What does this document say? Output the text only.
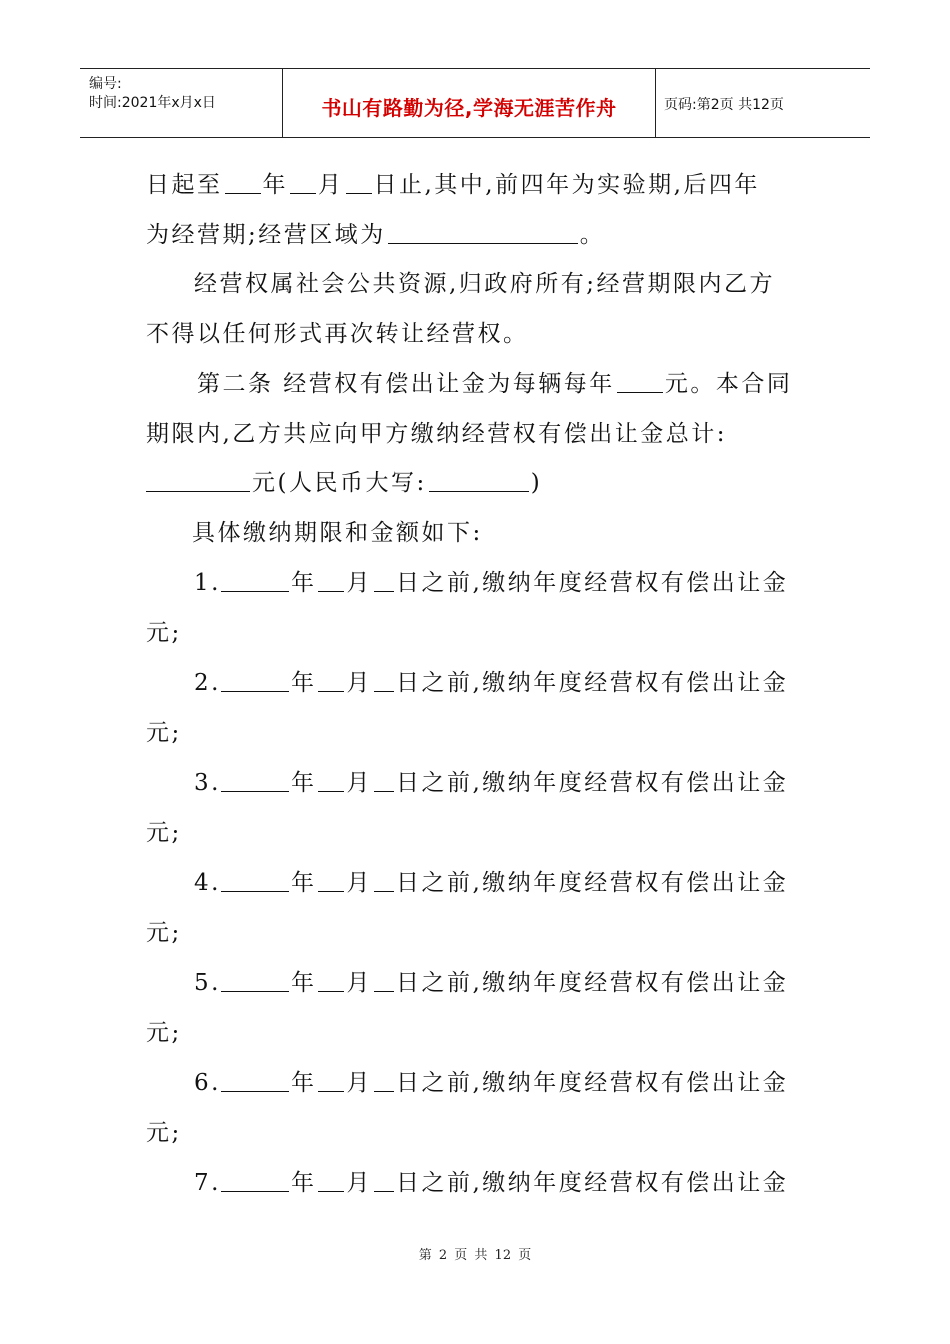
编号:
时间:2021年x月x日	书山有路勤为径,学海无涯苦作舟	页码:第2页 共12页
日起至 年 月 日止,其中,前四年为实验期,后四年
为经营期;经营区域为	。
经营权属社会公共资源,归政府所有;经营期限内乙方
不得以任何形式再次转让经营权。
第二条 经营权有偿出让金为每辆每年 元。本合同
期限内,乙方共应向甲方缴纳经营权有偿出让金总计:
元(人民币大写:	)
具体缴纳期限和金额如下:
1.	年 月 日之前,缴纳年度经营权有偿出让金
元;
2.	年 月 日之前,缴纳年度经营权有偿出让金
元;
3.	年 月 日之前,缴纳年度经营权有偿出让金
元;
4.	年 月 日之前,缴纳年度经营权有偿出让金
元;
5.	年 月 日之前,缴纳年度经营权有偿出让金
元;
6.	年 月 日之前,缴纳年度经营权有偿出让金
元;
7.	年 月 日之前,缴纳年度经营权有偿出让金
第 2 页 共 12 页
